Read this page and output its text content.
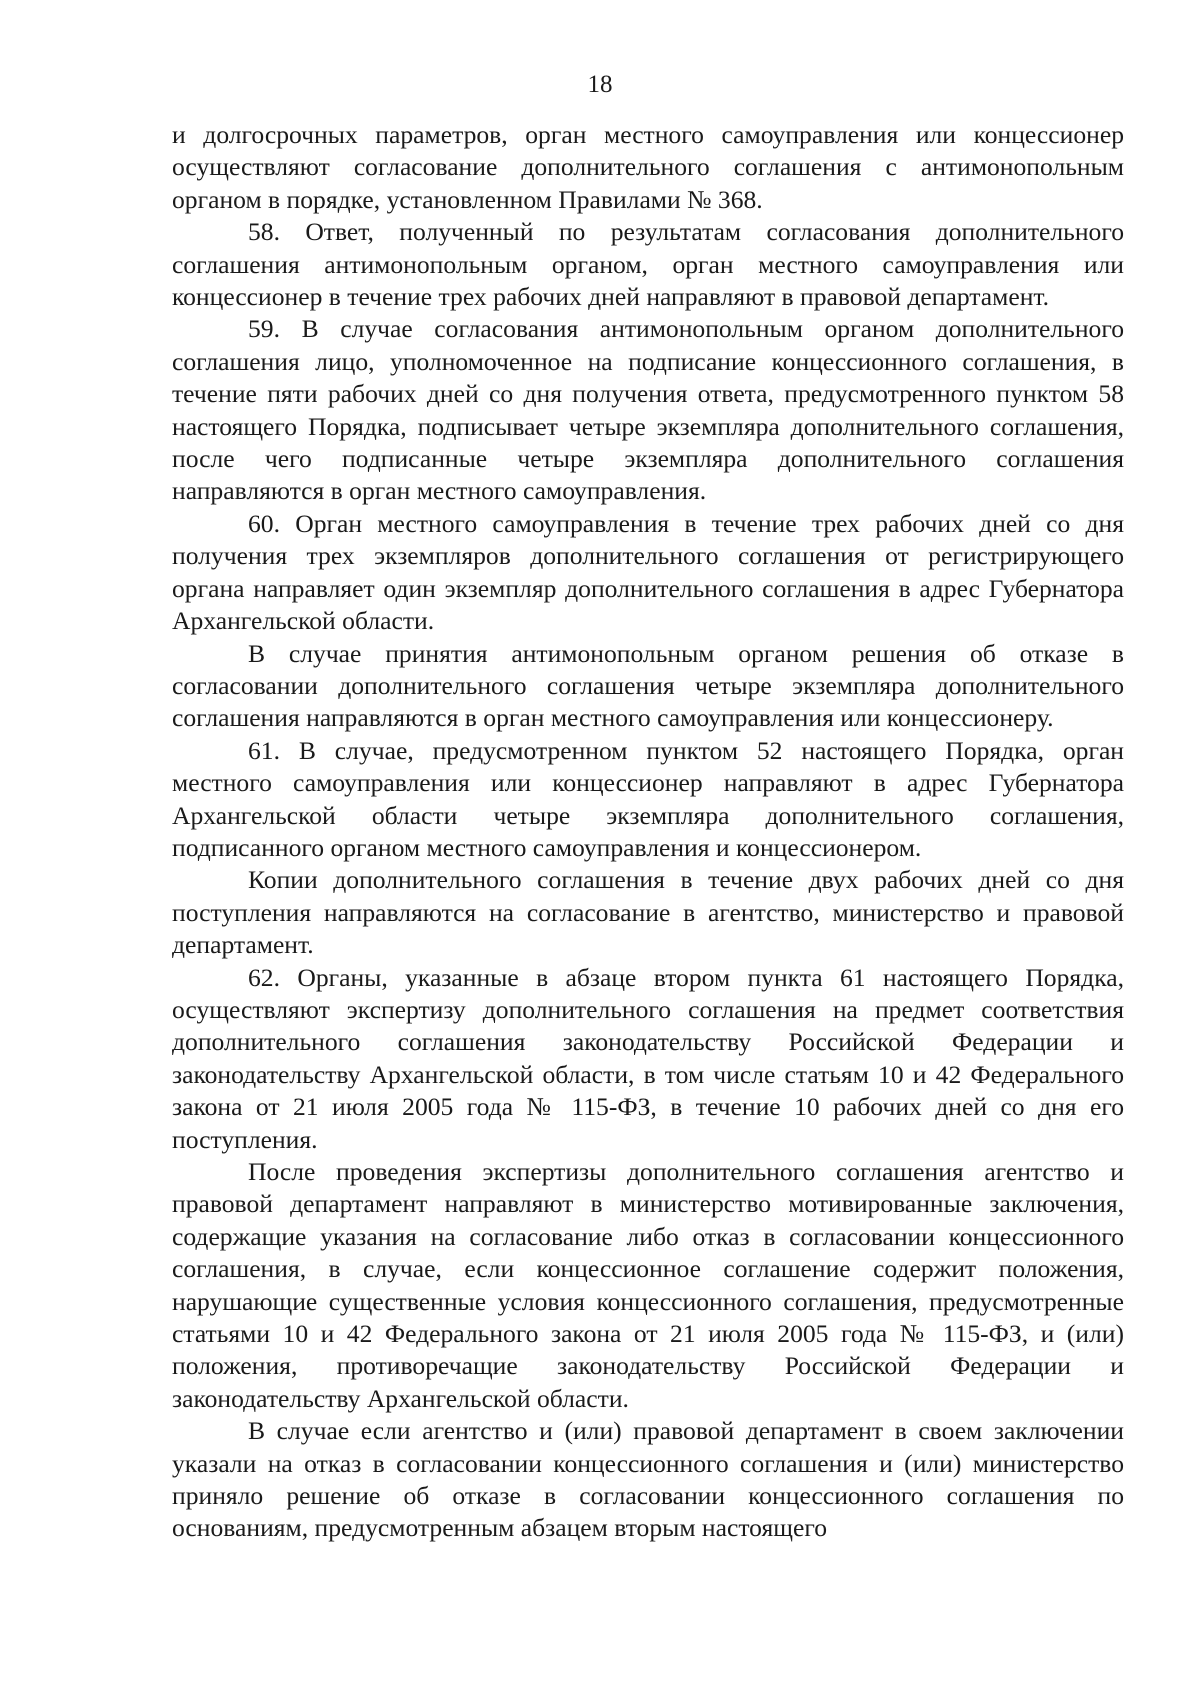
18

и долгосрочных параметров, орган местного самоуправления или концессионер осуществляют согласование дополнительного соглашения с антимонопольным органом в порядке, установленном Правилами № 368.

58. Ответ, полученный по результатам согласования дополнительного соглашения антимонопольным органом, орган местного самоуправления или концессионер в течение трех рабочих дней направляют в правовой департамент.

59. В случае согласования антимонопольным органом дополнительного соглашения лицо, уполномоченное на подписание концессионного соглашения, в течение пяти рабочих дней со дня получения ответа, предусмотренного пунктом 58 настоящего Порядка, подписывает четыре экземпляра дополнительного соглашения, после чего подписанные четыре экземпляра дополнительного соглашения направляются в орган местного самоуправления.

60. Орган местного самоуправления в течение трех рабочих дней со дня получения трех экземпляров дополнительного соглашения от регистрирующего органа направляет один экземпляр дополнительного соглашения в адрес Губернатора Архангельской области.

В случае принятия антимонопольным органом решения об отказе в согласовании дополнительного соглашения четыре экземпляра дополнительного соглашения направляются в орган местного самоуправления или концессионеру.

61. В случае, предусмотренном пунктом 52 настоящего Порядка, орган местного самоуправления или концессионер направляют в адрес Губернатора Архангельской области четыре экземпляра дополнительного соглашения, подписанного органом местного самоуправления и концессионером.

Копии дополнительного соглашения в течение двух рабочих дней со дня поступления направляются на согласование в агентство, министерство и правовой департамент.

62. Органы, указанные в абзаце втором пункта 61 настоящего Порядка, осуществляют экспертизу дополнительного соглашения на предмет соответствия дополнительного соглашения законодательству Российской Федерации и законодательству Архангельской области, в том числе статьям 10 и 42 Федерального закона от 21 июля 2005 года № 115-ФЗ, в течение 10 рабочих дней со дня его поступления.

После проведения экспертизы дополнительного соглашения агентство и правовой департамент направляют в министерство мотивированные заключения, содержащие указания на согласование либо отказ в согласовании концессионного соглашения, в случае, если концессионное соглашение содержит положения, нарушающие существенные условия концессионного соглашения, предусмотренные статьями 10 и 42 Федерального закона от 21 июля 2005 года № 115-ФЗ, и (или) положения, противоречащие законодательству Российской Федерации и законодательству Архангельской области.

В случае если агентство и (или) правовой департамент в своем заключении указали на отказ в согласовании концессионного соглашения и (или) министерство приняло решение об отказе в согласовании концессионного соглашения по основаниям, предусмотренным абзацем вторым настоящего
